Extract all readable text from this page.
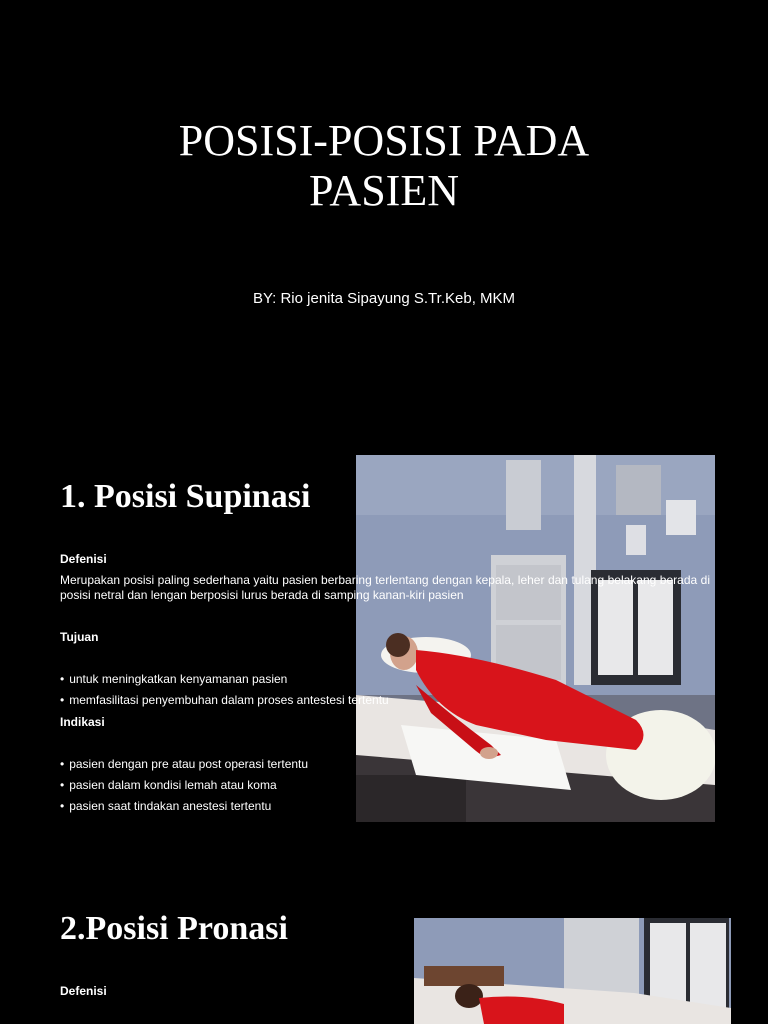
POSISI-POSISI PADA
PASIEN

BY: Rio jenita Sipayung S.Tr.Keb, MKM

1. Posisi Supinasi

Defenisi

Merupakan posisi paling sederhana yaitu pasien berbaring terlentang dengan kepala, leher dan tulang belakang berada di posisi netral dan lengan berposisi lurus berada di samping kanan-kiri pasien

Tujuan

• untuk meningkatkan kenyamanan pasien
• memfasilitasi penyembuhan dalam proses antestesi tertentu

Indikasi

• pasien dengan pre atau post operasi tertentu
• pasien dalam kondisi lemah atau koma
• pasien saat tindakan anestesi tertentu
2.Posisi Pronasi

Defenisi
